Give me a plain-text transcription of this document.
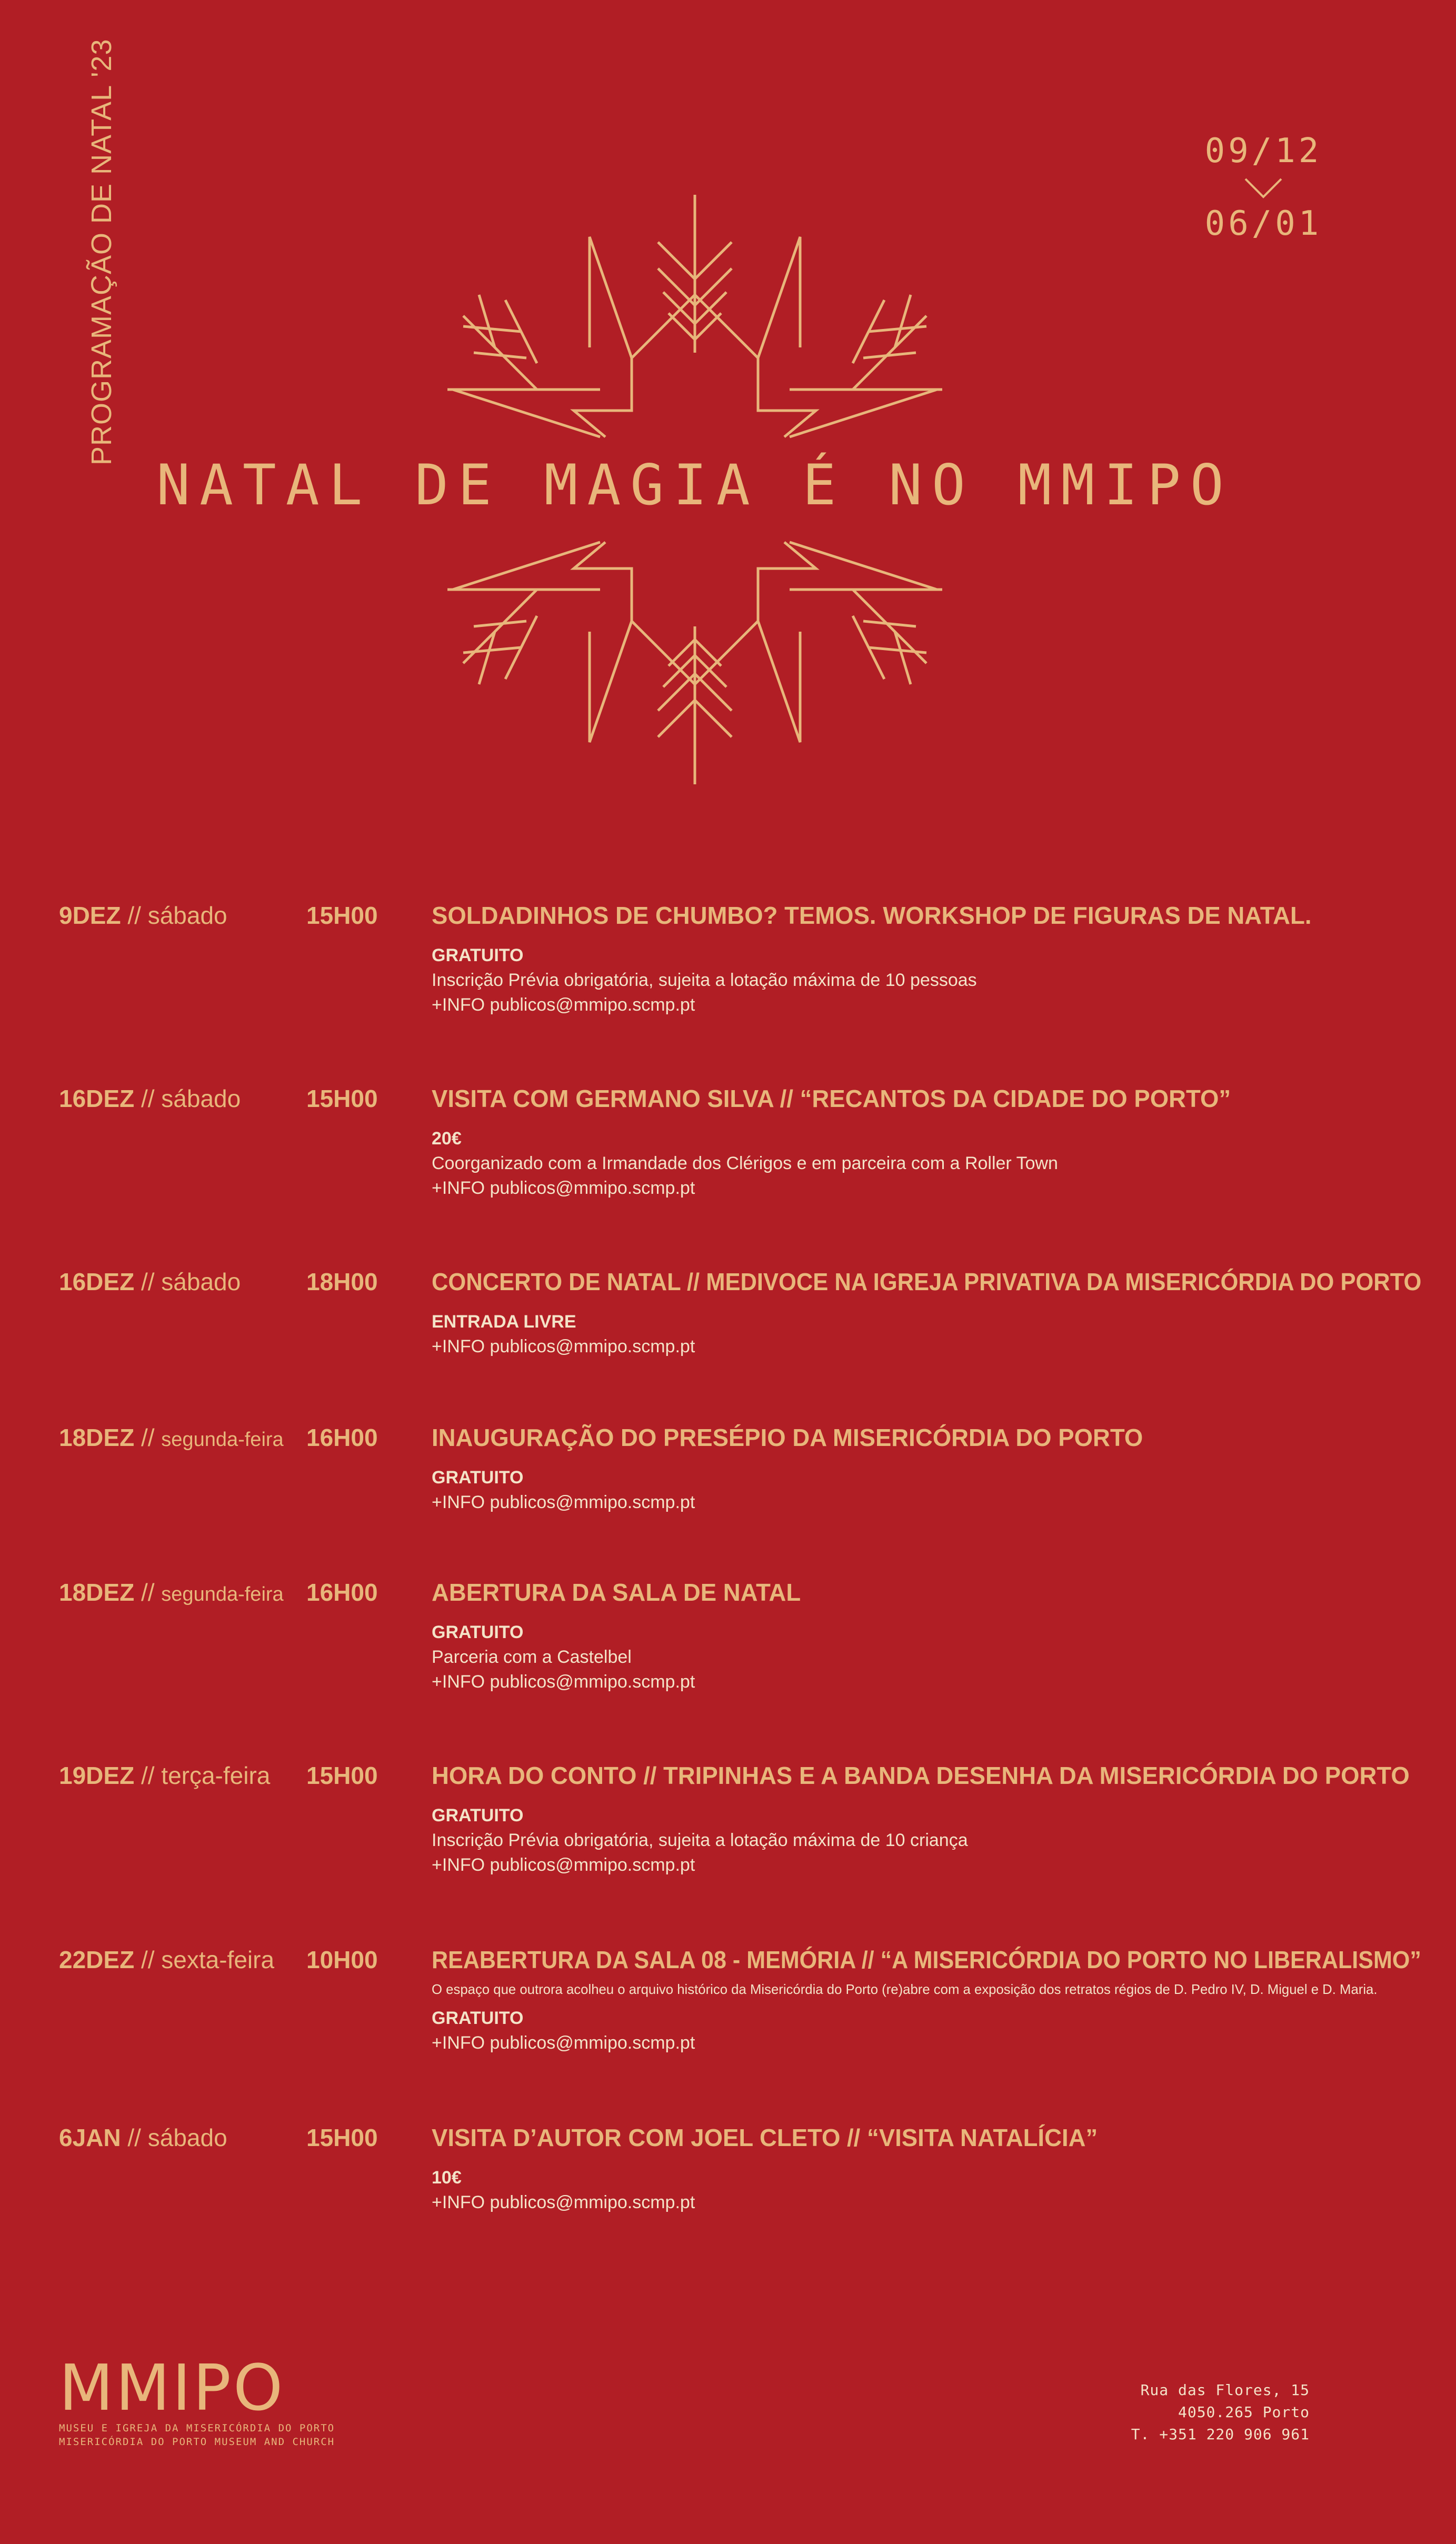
PROGRAMAÇÃO DE NATAL '23	09/12
06/01
NATAL DE MAGIA É NO MMIPO
9DEZ // sábado	15H00 SOLDADINHOS DE CHUMBO? TEMOS. WORKSHOP DE FIGURAS DE NATAL.
GRATUITO
Inscrição Prévia obrigatória, sujeita a lotação máxima de 10 pessoas
+INFO publicos@mmipo.scmp.pt
16DEZ // sábado	15H00 VISITA COM GERMANO SILVA // “RECANTOS DA CIDADE DO PORTO”
20€
Coorganizado com a Irmandade dos Clérigos e em parceira com a Roller Town
+INFO publicos@mmipo.scmp.pt
16DEZ // sábado	18H00 CONCERTO DE NATAL // MEDIVOCE NA IGREJA PRIVATIVA DA MISERICÓRDIA DO PORTO
ENTRADA LIVRE
+INFO publicos@mmipo.scmp.pt
18DEZ // segunda-feira 16H00 INAUGURAÇÃO DO PRESÉPIO DA MISERICÓRDIA DO PORTO
GRATUITO
+INFO publicos@mmipo.scmp.pt
18DEZ // segunda-feira 16H00 ABERTURA DA SALA DE NATAL
GRATUITO
Parceria com a Castelbel
+INFO publicos@mmipo.scmp.pt
19DEZ // terça-feira 15H00 HORA DO CONTO // TRIPINHAS E A BANDA DESENHA DA MISERICÓRDIA DO PORTO
GRATUITO
Inscrição Prévia obrigatória, sujeita a lotação máxima de 10 criança
+INFO publicos@mmipo.scmp.pt
22DEZ // sexta-feira 10H00 REABERTURA DA SALA 08 - MEMÓRIA // “A MISERICÓRDIA DO PORTO NO LIBERALISMO”
O espaço que outrora acolheu o arquivo histórico da Misericórdia do Porto (re)abre com a exposição dos retratos régios de D. Pedro IV, D. Miguel e D. Maria.
GRATUITO
+INFO publicos@mmipo.scmp.pt
6JAN // sábado	15H00 VISITA D’AUTOR COM JOEL CLETO // “VISITA NATALÍCIA”
10€
+INFO publicos@mmipo.scmp.pt
MMIPO
MUSEU E IGREJA DA MISERICÓRDIA DO PORTO
MISERICÓRDIA DO PORTO MUSEUM AND CHURCH
Rua das Flores, 15
4050.265 Porto
T. +351 220 906 961
